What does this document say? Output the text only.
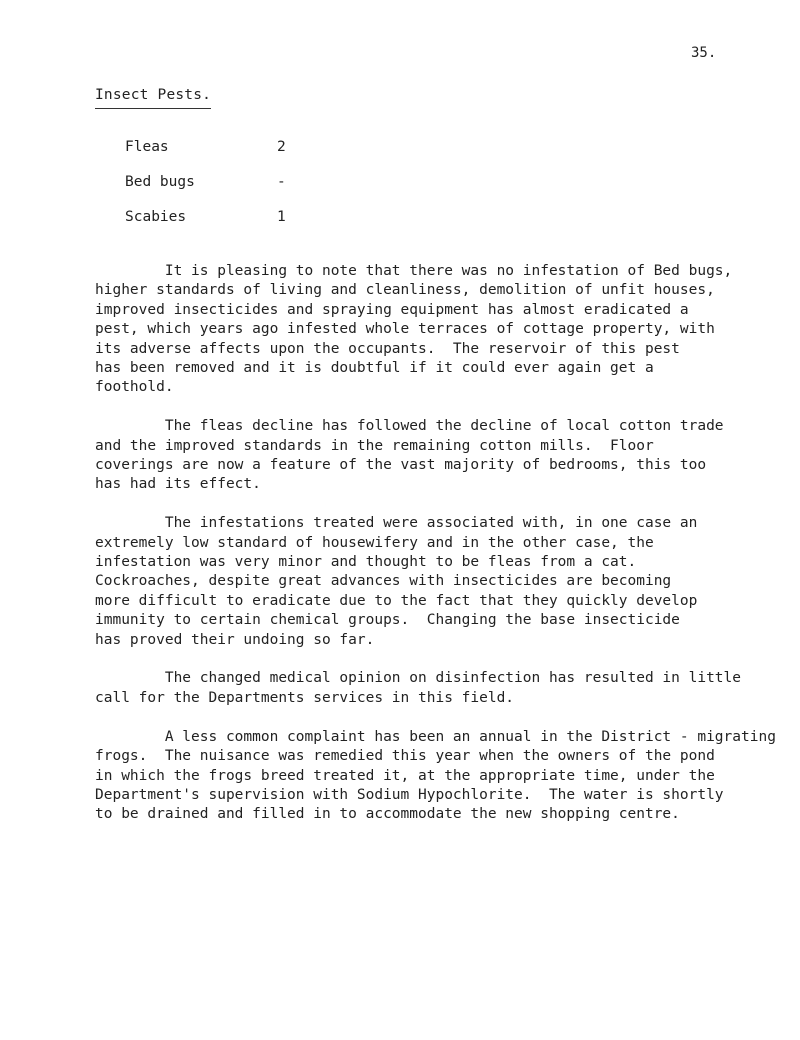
35.
Insect Pests.
Fleas	2
Bed bugs	-
Scabies	1

It is pleasing to note that there was no infestation of Bed bugs,
higher standards of living and cleanliness, demolition of unfit houses,
improved insecticides and spraying equipment has almost eradicated a
pest, which years ago infested whole terraces of cottage property, with
its adverse affects upon the occupants.  The reservoir of this pest
has been removed and it is doubtful if it could ever again get a
foothold.

The fleas decline has followed the decline of local cotton trade
and the improved standards in the remaining cotton mills.  Floor
coverings are now a feature of the vast majority of bedrooms, this too
has had its effect.

The infestations treated were associated with, in one case an
extremely low standard of housewifery and in the other case, the
infestation was very minor and thought to be fleas from a cat.
Cockroaches, despite great advances with insecticides are becoming
more difficult to eradicate due to the fact that they quickly develop
immunity to certain chemical groups.  Changing the base insecticide
has proved their undoing so far.

The changed medical opinion on disinfection has resulted in little
call for the Departments services in this field.

A less common complaint has been an annual in the District - migrating
frogs.  The nuisance was remedied this year when the owners of the pond
in which the frogs breed treated it, at the appropriate time, under the
Department's supervision with Sodium Hypochlorite.  The water is shortly
to be drained and filled in to accommodate the new shopping centre.
